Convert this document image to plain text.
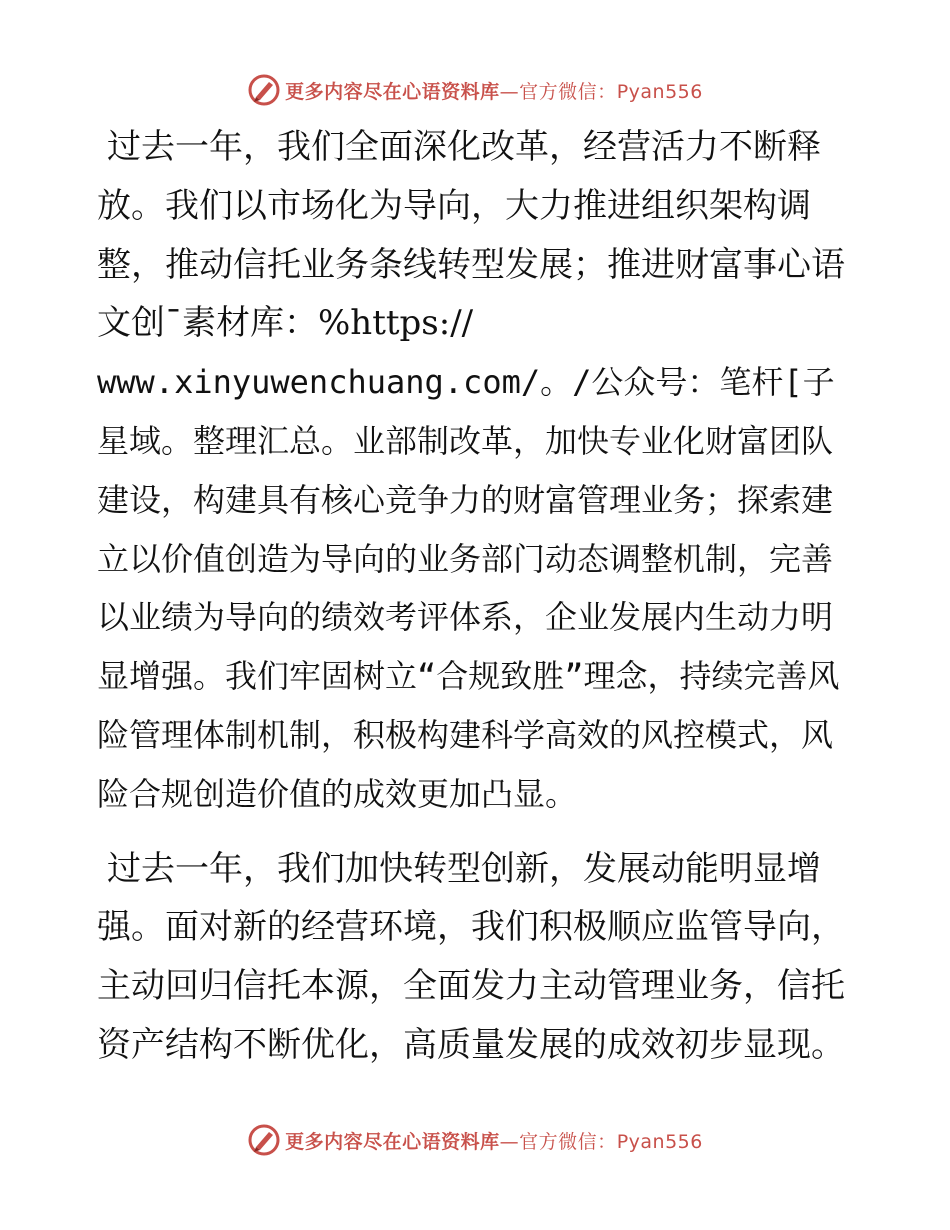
更多内容尽在心语资料库—官方微信：Pyan556

过去一年，我们全面深化改革，经营活力不断释放。我们以市场化为导向，大力推进组织架构调整，推动信托业务条线转型发展；推进财富事心语文创¯素材库：%https://
www.xinyuwenchuang.com/。/公众号：笔杆[子星域。整理汇总。业部制改革，加快专业化财富团队建设，构建具有核心竞争力的财富管理业务；探索建立以价值创造为导向的业务部门动态调整机制，完善以业绩为导向的绩效考评体系，企业发展内生动力明显增强。我们牢固树立“合规致胜”理念，持续完善风险管理体制机制，积极构建科学高效的风控模式，风险合规创造价值的成效更加凸显。

过去一年，我们加快转型创新，发展动能明显增强。面对新的经营环境，我们积极顺应监管导向，主动回归信托本源，全面发力主动管理业务，信托资产结构不断优化，高质量发展的成效初步显现。

更多内容尽在心语资料库—官方微信：Pyan556
